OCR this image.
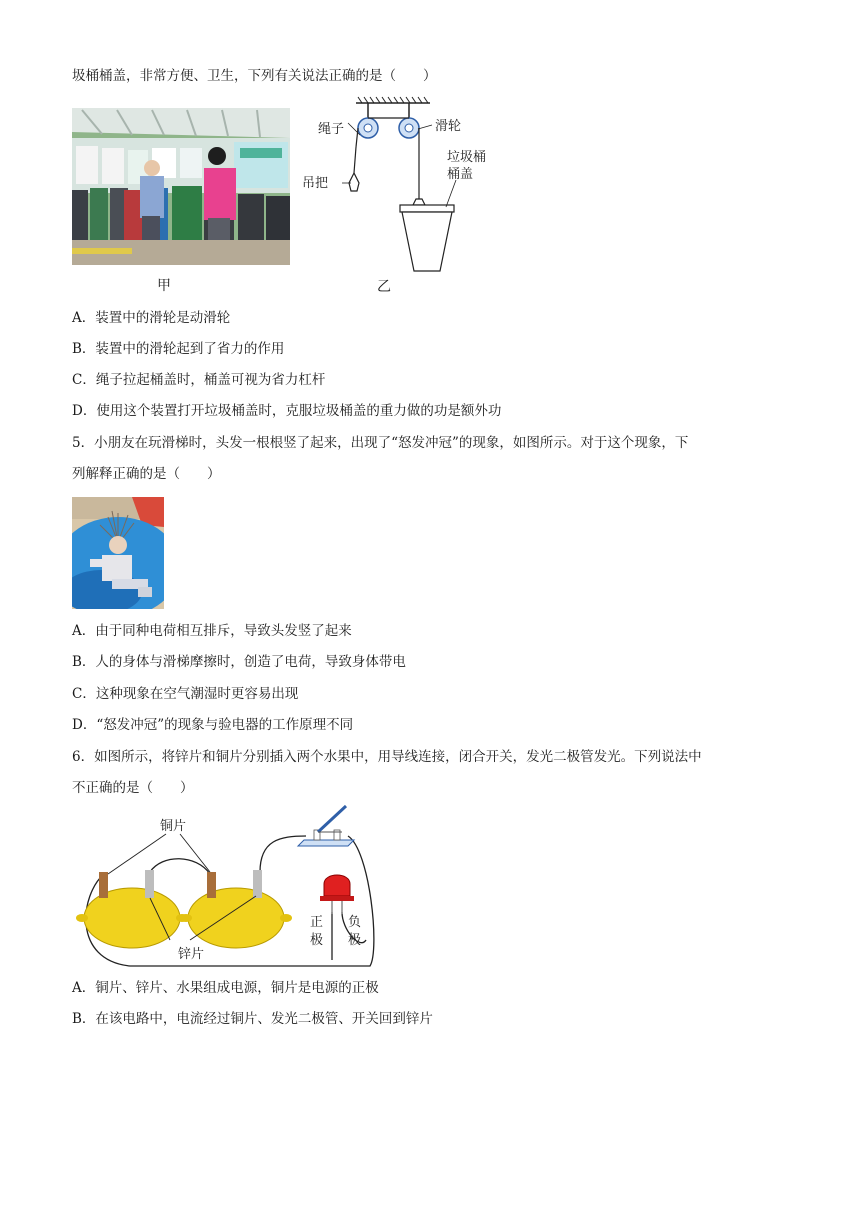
圾桶桶盖，非常方便、卫生，下列有关说法正确的是（　　）
甲
绳子	滑轮
吊把
垃圾桶
桶盖
乙
A．装置中的滑轮是动滑轮
B．装置中的滑轮起到了省力的作用
C．绳子拉起桶盖时，桶盖可视为省力杠杆
D．使用这个装置打开垃圾桶盖时，克服垃圾桶盖的重力做的功是额外功
5．小朋友在玩滑梯时，头发一根根竖了起来，出现了“怒发冲冠”的现象，如图所示。对于这个现象，下
列解释正确的是（　　）
A．由于同种电荷相互排斥，导致头发竖了起来
B．人的身体与滑梯摩擦时，创造了电荷，导致身体带电
C．这种现象在空气潮湿时更容易出现
D．“怒发冲冠”的现象与验电器的工作原理不同
6．如图所示，将锌片和铜片分别插入两个水果中，用导线连接，闭合开关，发光二极管发光。下列说法中
不正确的是（　　）
铜片
锌片
正
极
负
极
A．铜片、锌片、水果组成电源，铜片是电源的正极
B．在该电路中，电流经过铜片、发光二极管、开关回到锌片
